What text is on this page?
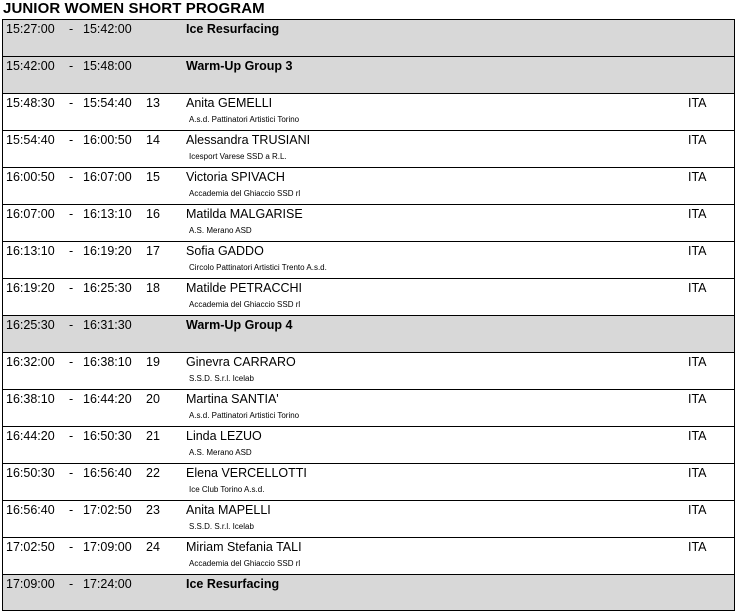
JUNIOR WOMEN SHORT PROGRAM
15:27:00 - 15:42:00	Ice Resurfacing
15:42:00 - 15:48:00	Warm-Up Group 3
15:48:30 - 15:54:40 13 Anita GEMELLI
A.s.d. Pattinatori Artistici Torino
ITA
15:54:40 - 16:00:50 14 Alessandra TRUSIANI
Icesport Varese SSD a R.L.
ITA
16:00:50 - 16:07:00 15 Victoria SPIVACH
Accademia del Ghiaccio SSD rl
ITA
16:07:00 - 16:13:10 16 Matilda MALGARISE
A.S. Merano ASD
ITA
16:13:10 - 16:19:20 17 Sofia GADDO
Circolo Pattinatori Artistici Trento A.s.d.
ITA
16:19:20 - 16:25:30 18 Matilde PETRACCHI
Accademia del Ghiaccio SSD rl
ITA
16:25:30 - 16:31:30	Warm-Up Group 4
16:32:00 - 16:38:10 19 Ginevra CARRARO
S.S.D. S.r.l. Icelab
ITA
16:38:10 - 16:44:20 20 Martina SANTIA'
A.s.d. Pattinatori Artistici Torino
ITA
16:44:20 - 16:50:30 21 Linda LEZUO
A.S. Merano ASD
ITA
16:50:30 - 16:56:40 22 Elena VERCELLOTTI
Ice Club Torino A.s.d.
ITA
16:56:40 - 17:02:50 23 Anita MAPELLI
S.S.D. S.r.l. Icelab
ITA
17:02:50 - 17:09:00 24 Miriam Stefania TALI
Accademia del Ghiaccio SSD rl
ITA
17:09:00 - 17:24:00	Ice Resurfacing
